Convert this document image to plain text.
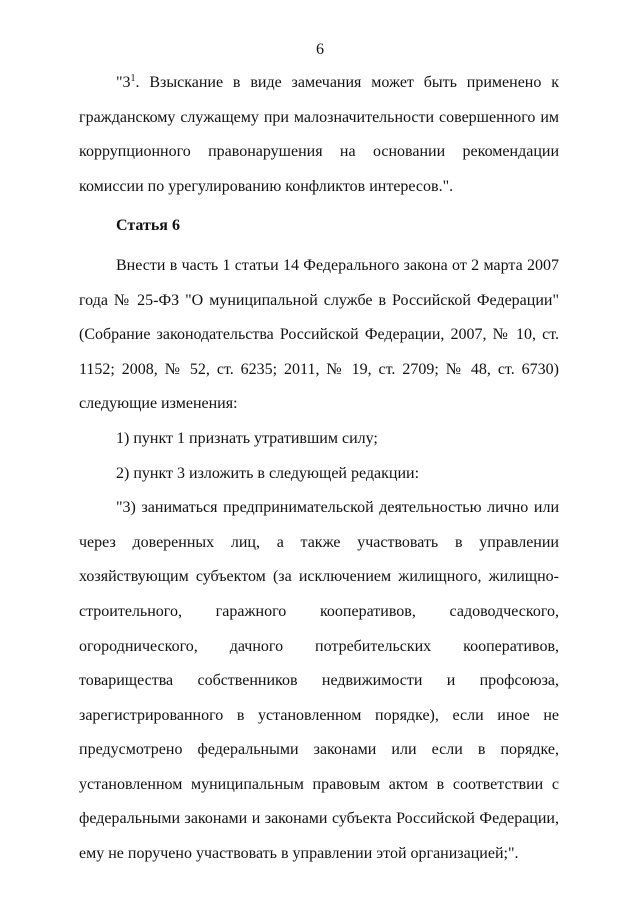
6

"$3^1$. Взыскание в виде замечания может быть применено к гражданскому служащему при малозначительности совершенного им коррупционного правонарушения на основании рекомендации комиссии по урегулированию конфликтов интересов.".

Статья 6

Внести в часть 1 статьи 14 Федерального закона от 2 марта 2007 года № 25-ФЗ "О муниципальной службе в Российской Федерации" (Собрание законодательства Российской Федерации, 2007, № 10, ст. 1152; 2008, № 52, ст. 6235; 2011, № 19, ст. 2709; № 48, ст. 6730) следующие изменения:

1) пункт 1 признать утратившим силу;

2) пункт 3 изложить в следующей редакции:

"3) заниматься предпринимательской деятельностью лично или через доверенных лиц, а также участвовать в управлении хозяйствующим субъектом (за исключением жилищного, жилищно-строительного, гаражного кооперативов, садоводческого, огороднического, дачного потребительских кооперативов, товарищества собственников недвижимости и профсоюза, зарегистрированного в установленном порядке), если иное не предусмотрено федеральными законами или если в порядке, установленном муниципальным правовым актом в соответствии с федеральными законами и законами субъекта Российской Федерации, ему не поручено участвовать в управлении этой организацией;".
